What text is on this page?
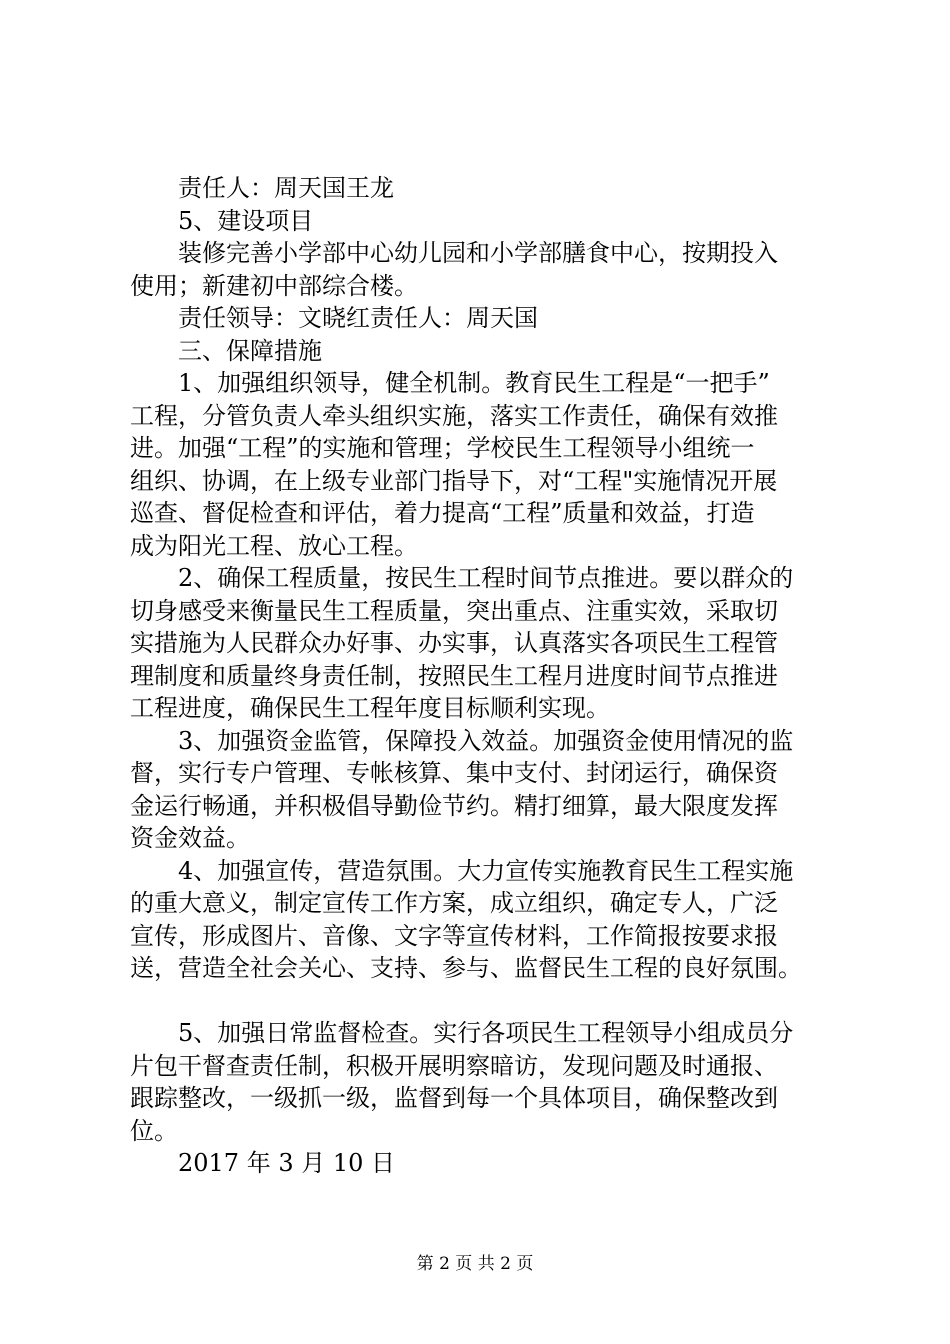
责任人：周天国王龙
5、建设项目
装修完善小学部中心幼儿园和小学部膳食中心，按期投入
使用；新建初中部综合楼。
责任领导：文晓红责任人：周天国
三、保障措施
1、加强组织领导，健全机制。教育民生工程是“一把手”
工程，分管负责人牵头组织实施，落实工作责任，确保有效推
进。加强“工程”的实施和管理；学校民生工程领导小组统一
组织、协调，在上级专业部门指导下，对“工程"实施情况开展
巡查、督促检查和评估，着力提高“工程”质量和效益，打造
成为阳光工程、放心工程。
2、确保工程质量，按民生工程时间节点推进。要以群众的
切身感受来衡量民生工程质量，突出重点、注重实效，采取切
实措施为人民群众办好事、办实事，认真落实各项民生工程管
理制度和质量终身责任制，按照民生工程月进度时间节点推进
工程进度，确保民生工程年度目标顺利实现。
3、加强资金监管，保障投入效益。加强资金使用情况的监
督，实行专户管理、专帐核算、集中支付、封闭运行，确保资
金运行畅通，并积极倡导勤俭节约。精打细算，最大限度发挥
资金效益。
4、加强宣传，营造氛围。大力宣传实施教育民生工程实施
的重大意义，制定宣传工作方案，成立组织，确定专人，广泛
宣传，形成图片、音像、文字等宣传材料，工作简报按要求报
送，营造全社会关心、支持、参与、监督民生工程的良好氛围。
5、加强日常监督检查。实行各项民生工程领导小组成员分
片包干督查责任制，积极开展明察暗访，发现问题及时通报、
跟踪整改，一级抓一级，监督到每一个具体项目，确保整改到
位。
2017 年 3 月 10 日
第 2 页 共 2 页
